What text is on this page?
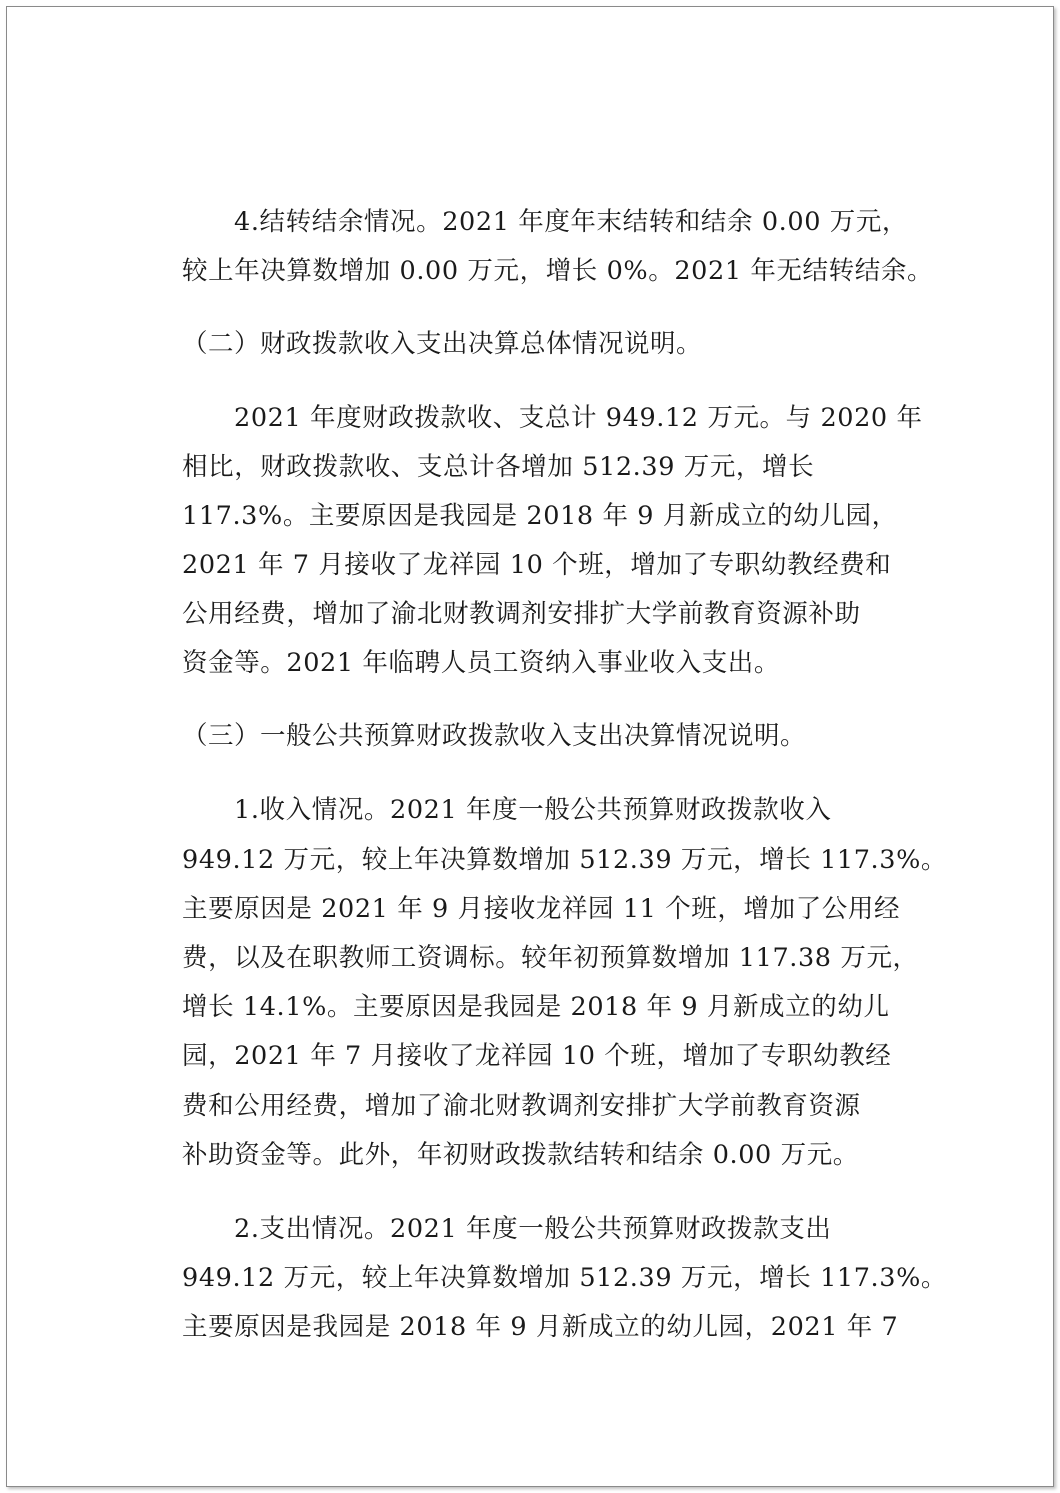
4.结转结余情况。2021 年度年末结转和结余 0.00 万元，
较上年决算数增加 0.00 万元，增长 0%。2021 年无结转结余。
（二）财政拨款收入支出决算总体情况说明。
2021 年度财政拨款收、支总计 949.12 万元。与 2020 年
相比，财政拨款收、支总计各增加 512.39 万元，增长
117.3%。主要原因是我园是 2018 年 9 月新成立的幼儿园，
2021 年 7 月接收了龙祥园 10 个班，增加了专职幼教经费和
公用经费，增加了渝北财教调剂安排扩大学前教育资源补助
资金等。2021 年临聘人员工资纳入事业收入支出。
（三）一般公共预算财政拨款收入支出决算情况说明。
1.收入情况。2021 年度一般公共预算财政拨款收入
949.12 万元，较上年决算数增加 512.39 万元，增长 117.3%。
主要原因是 2021 年 9 月接收龙祥园 11 个班，增加了公用经
费，以及在职教师工资调标。较年初预算数增加 117.38 万元，
增长 14.1%。主要原因是我园是 2018 年 9 月新成立的幼儿
园，2021 年 7 月接收了龙祥园 10 个班，增加了专职幼教经
费和公用经费，增加了渝北财教调剂安排扩大学前教育资源
补助资金等。此外，年初财政拨款结转和结余 0.00 万元。
2.支出情况。2021 年度一般公共预算财政拨款支出
949.12 万元，较上年决算数增加 512.39 万元，增长 117.3%。
主要原因是我园是 2018 年 9 月新成立的幼儿园，2021 年 7
